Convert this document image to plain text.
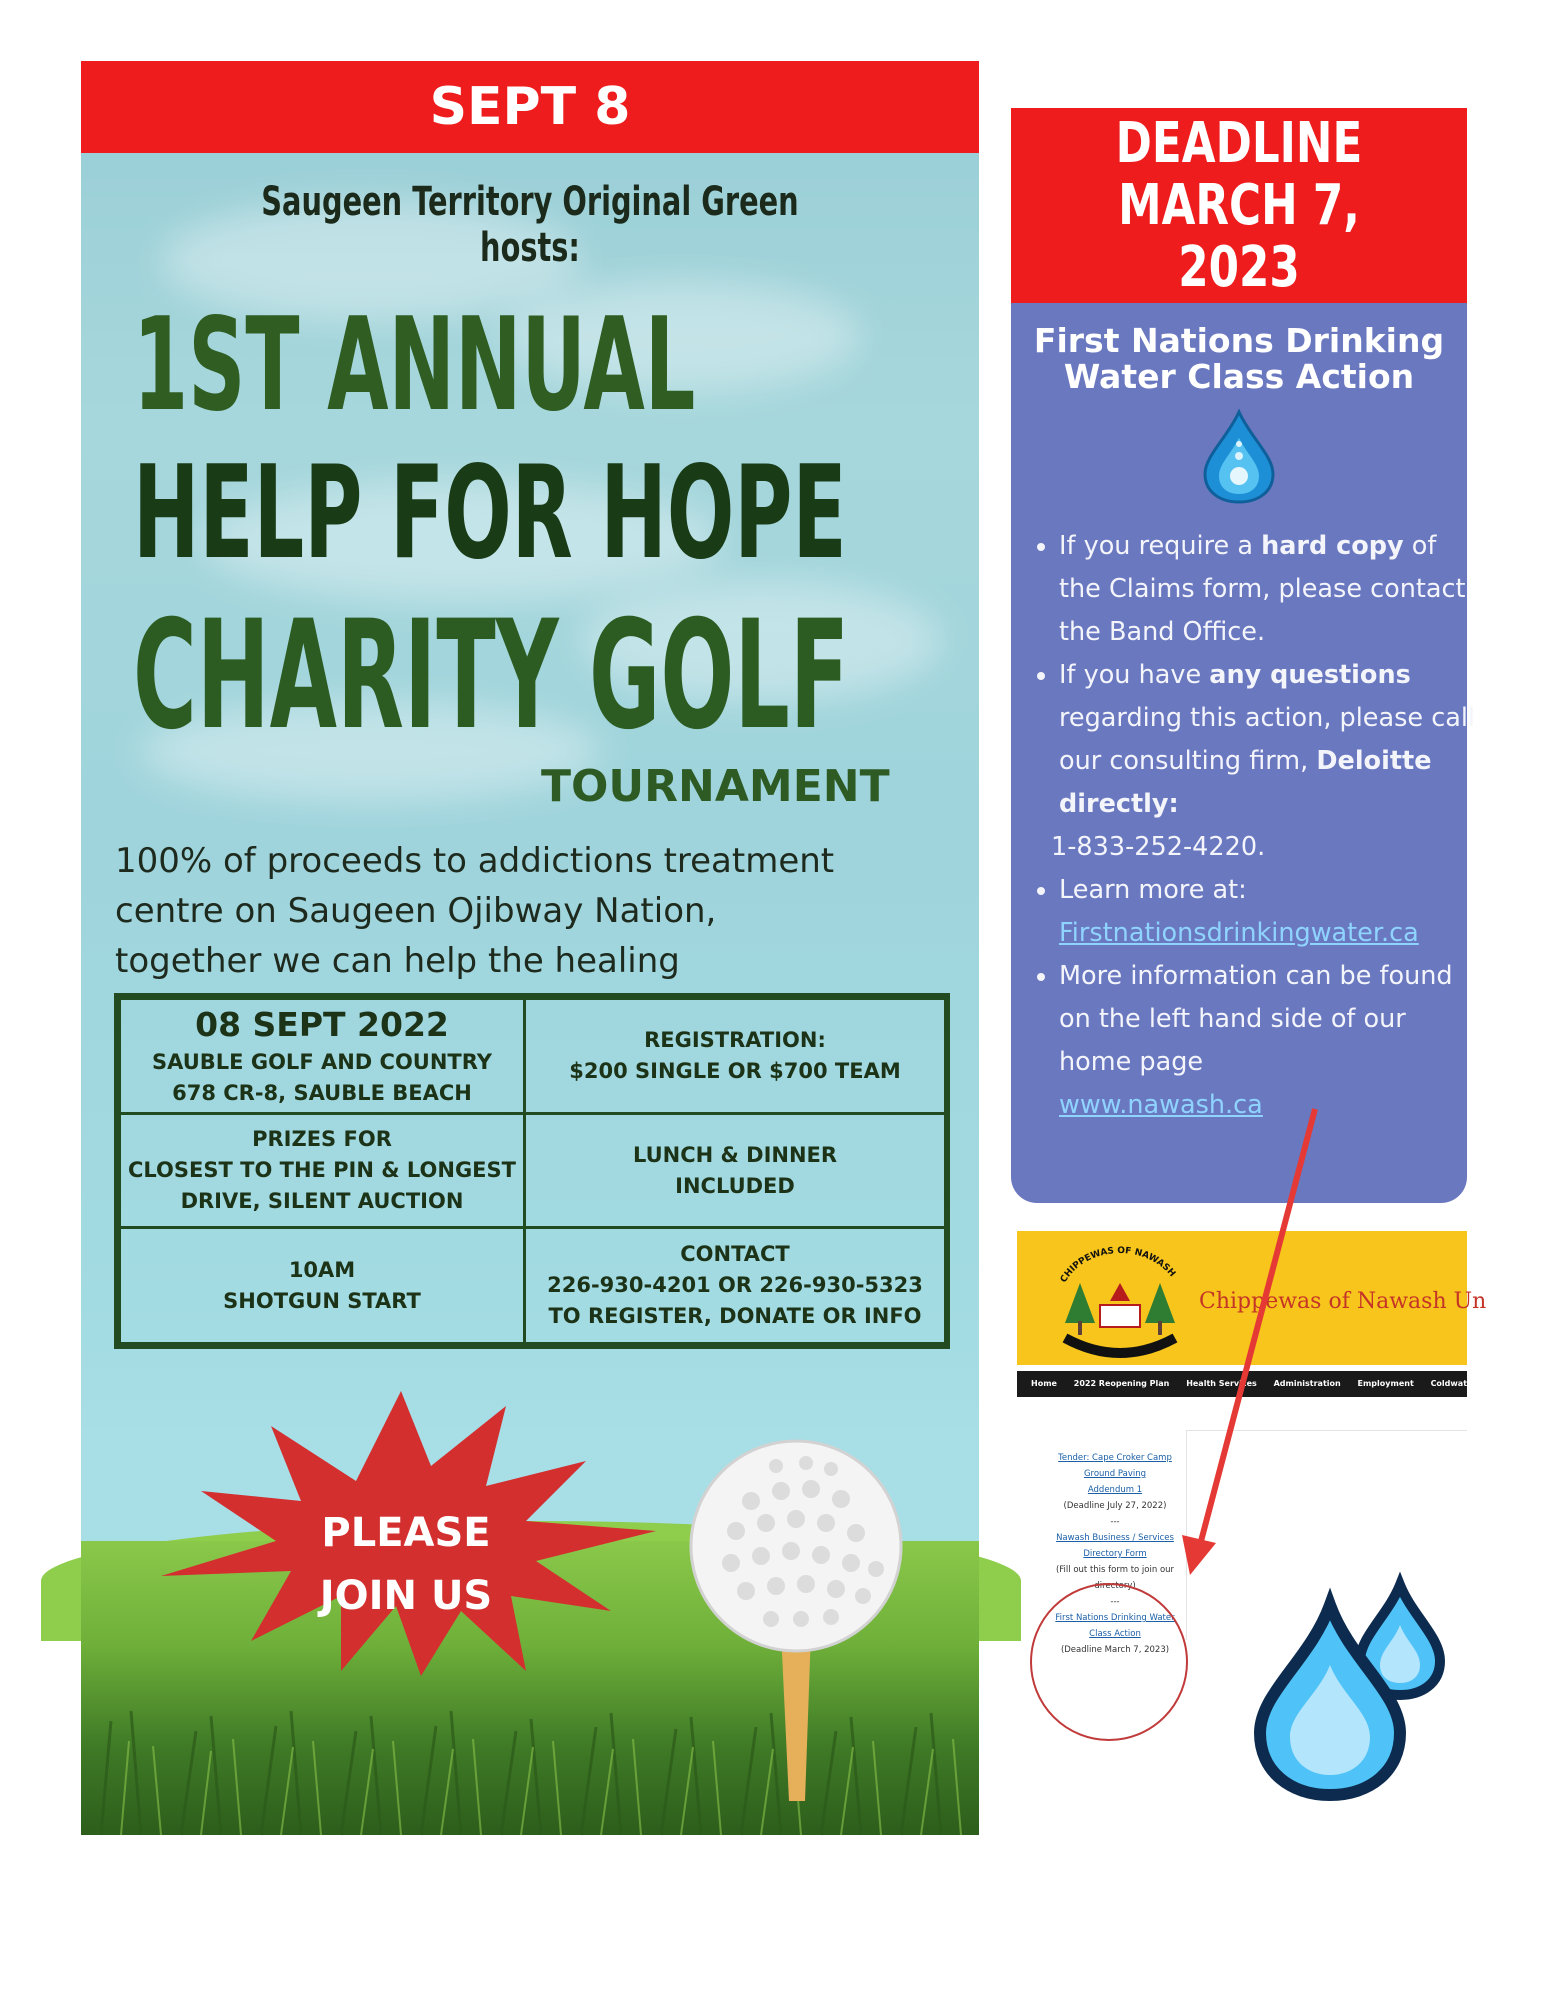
SEPT 8
Saugeen Territory Original Green hosts:
1ST ANNUAL
HELP FOR HOPE
CHARITY GOLF
TOURNAMENT
100% of proceeds to addictions treatment
centre on Saugeen Ojibway Nation,
together we can help the healing
08 SEPT 2022
SAUBLE GOLF AND COUNTRY
678 CR-8, SAUBLE BEACH
REGISTRATION:
$200 SINGLE OR $700 TEAM
PRIZES FOR
CLOSEST TO THE PIN & LONGEST
DRIVE, SILENT AUCTION
LUNCH & DINNER
INCLUDED
10AM
SHOTGUN START
CONTACT
226-930-4201 OR 226-930-5323
TO REGISTER, DONATE OR INFO
PLEASE
JOIN US
DEADLINE
MARCH 7, 2023
First Nations Drinking
Water Class Action
• If you require a hard copy of the Claims form, please contact the Band Office.
• If you have any questions regarding this action, please call our consulting firm, Deloitte directly:
1-833-252-4220.
• Learn more at:
Firstnationsdrinkingwater.ca
• More information can be found on the left hand side of our home page
www.nawash.ca
CHIPPEWAS OF NAWASH
Chippewas of Nawash Un
Home 2022 Reopening Plan Health Services Administration Employment Coldwater Trust Prog
Tender: Cape Croker Camp
Ground Paving
Addendum 1
(Deadline July 27, 2022)
---
Nawash Business / Services
Directory Form
(Fill out this form to join our
directory)
---
First Nations Drinking Water
Class Action
(Deadline March 7, 2023)
